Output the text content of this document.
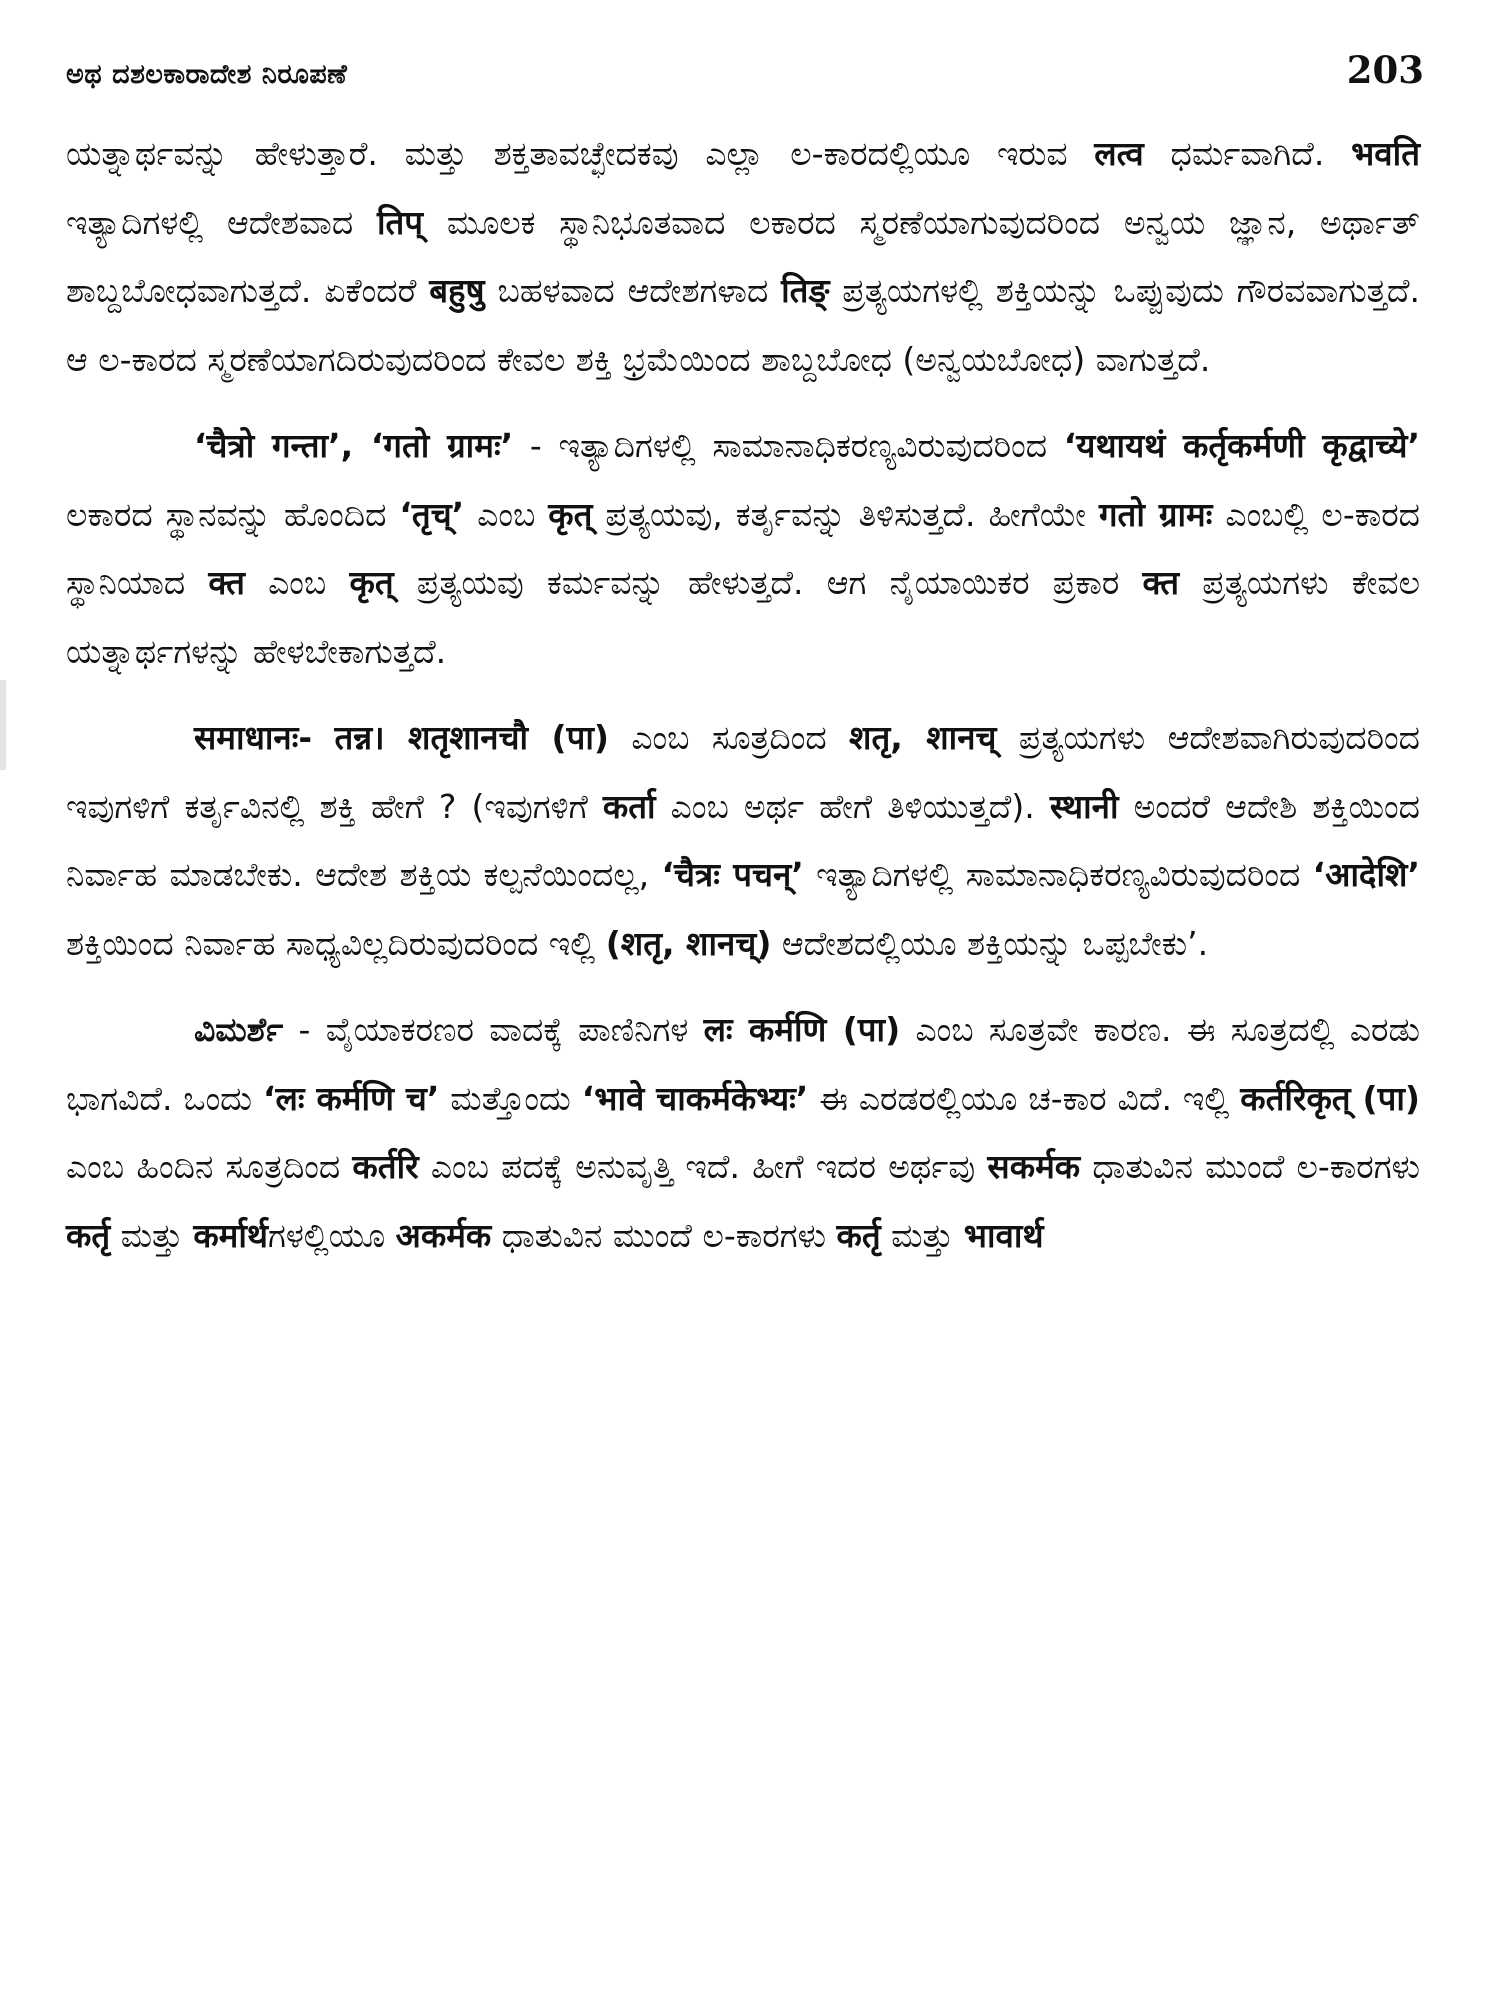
ಅಥ ದಶಲಕಾರಾದೇಶ ನಿರೂಪಣೆ	203

ಯತ್ನಾರ್ಥವನ್ನು ಹೇಳುತ್ತಾರೆ. ಮತ್ತು ಶಕ್ತತಾವಚ್ಛೇದಕವು ಎಲ್ಲಾ ಲ-ಕಾರದಲ್ಲಿಯೂ ಇರುವ लत्व ಧರ್ಮವಾಗಿದೆ. भवति ಇತ್ಯಾದಿಗಳಲ್ಲಿ ಆದೇಶವಾದ तिप् ಮೂಲಕ ಸ್ಥಾನಿಭೂತವಾದ ಲಕಾರದ ಸ್ಮರಣೆಯಾಗುವುದರಿಂದ ಅನ್ವಯ ಜ್ಞಾನ, ಅರ್ಥಾತ್ ಶಾಬ್ದಬೋಧವಾಗುತ್ತದೆ. ಏಕೆಂದರೆ बहुषु ಬಹಳವಾದ ಆದೇಶಗಳಾದ तिङ् ಪ್ರತ್ಯಯಗಳಲ್ಲಿ ಶಕ್ತಿಯನ್ನು ಒಪ್ಪುವುದು ಗೌರವವಾಗುತ್ತದೆ. ಆ ಲ-ಕಾರದ ಸ್ಮರಣೆಯಾಗದಿರುವುದರಿಂದ ಕೇವಲ ಶಕ್ತಿ ಭ್ರಮೆಯಿಂದ ಶಾಬ್ದಬೋಧ (ಅನ್ವಯಬೋಧ) ವಾಗುತ್ತದೆ.

‘चैत्रो गन्ता’, ‘गतो ग्रामः’ - ಇತ್ಯಾದಿಗಳಲ್ಲಿ ಸಾಮಾನಾಧಿಕರಣ್ಯವಿರುವುದರಿಂದ ‘यथायथं कर्तृकर्मणी कृद्वाच्ये’ ಲಕಾರದ ಸ್ಥಾನವನ್ನು ಹೊಂದಿದ ‘तृच्’ ಎಂಬ कृत् ಪ್ರತ್ಯಯವು, ಕರ್ತೃವನ್ನು ತಿಳಿಸುತ್ತದೆ. ಹೀಗೆಯೇ गतो ग्रामः ಎಂಬಲ್ಲಿ ಲ-ಕಾರದ ಸ್ಥಾನಿಯಾದ क्त ಎಂಬ कृत् ಪ್ರತ್ಯಯವು ಕರ್ಮವನ್ನು ಹೇಳುತ್ತದೆ. ಆಗ ನೈಯಾಯಿಕರ ಪ್ರಕಾರ क्त ಪ್ರತ್ಯಯಗಳು ಕೇವಲ ಯತ್ನಾರ್ಥಗಳನ್ನು ಹೇಳಬೇಕಾಗುತ್ತದೆ.

समाधानः- तन्न। शतृशानचौ (पा) ಎಂಬ ಸೂತ್ರದಿಂದ शतृ, शानच् ಪ್ರತ್ಯಯಗಳು ಆದೇಶವಾಗಿರುವುದರಿಂದ ಇವುಗಳಿಗೆ ಕರ್ತೃವಿನಲ್ಲಿ ಶಕ್ತಿ ಹೇಗೆ ? (ಇವುಗಳಿಗೆ कर्ता ಎಂಬ ಅರ್ಥ ಹೇಗೆ ತಿಳಿಯುತ್ತದೆ). स्थानी ಅಂದರೆ ಆದೇಶಿ ಶಕ್ತಿಯಿಂದ ನಿರ್ವಾಹ ಮಾಡಬೇಕು. ಆದೇಶ ಶಕ್ತಿಯ ಕಲ್ಪನೆಯಿಂದಲ್ಲ, ‘चैत्रः पचन्’ ಇತ್ಯಾದಿಗಳಲ್ಲಿ ಸಾಮಾನಾಧಿಕರಣ್ಯವಿರುವುದರಿಂದ ‘आदेशि’ ಶಕ್ತಿಯಿಂದ ನಿರ್ವಾಹ ಸಾಧ್ಯವಿಲ್ಲದಿರುವುದರಿಂದ ಇಲ್ಲಿ (शतृ, शानच्) ಆದೇಶದಲ್ಲಿಯೂ ಶಕ್ತಿಯನ್ನು ಒಪ್ಪಬೇಕು’.

ವಿಮರ್ಶೆ - ವೈಯಾಕರಣರ ವಾದಕ್ಕೆ ಪಾಣಿನಿಗಳ लः कर्मणि (पा) ಎಂಬ ಸೂತ್ರವೇ ಕಾರಣ. ಈ ಸೂತ್ರದಲ್ಲಿ ಎರಡು ಭಾಗವಿದೆ. ಒಂದು ‘लः कर्मणि च’ ಮತ್ತೊಂದು ‘भावे चाकर्मकेभ्यः’ ಈ ಎರಡರಲ್ಲಿಯೂ ಚ-ಕಾರ ವಿದೆ. ಇಲ್ಲಿ कर्तरिकृत् (पा) ಎಂಬ ಹಿಂದಿನ ಸೂತ್ರದಿಂದ कर्तरि ಎಂಬ ಪದಕ್ಕೆ ಅನುವೃತ್ತಿ ಇದೆ. ಹೀಗೆ ಇದರ ಅರ್ಥವು सकर्मक ಧಾತುವಿನ ಮುಂದೆ ಲ-ಕಾರಗಳು कर्तृ ಮತ್ತು कर्मार्थಗಳಲ್ಲಿಯೂ अकर्मक ಧಾತುವಿನ ಮುಂದೆ ಲ-ಕಾರಗಳು कर्तृ ಮತ್ತು भावार्थ
